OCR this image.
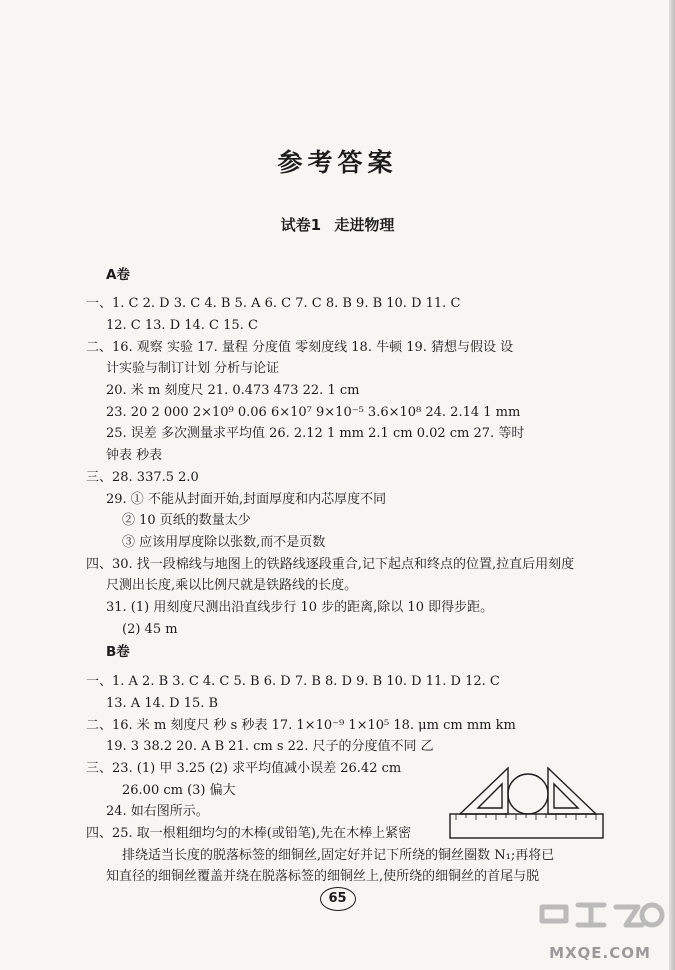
参考答案
试卷1 走进物理
A卷
一、1. C 2. D 3. C 4. B 5. A 6. C 7. C 8. B 9. B 10. D 11. C
12. C 13. D 14. C 15. C
二、16. 观察 实验 17. 量程 分度值 零刻度线 18. 牛顿 19. 猜想与假设 设
计实验与制订计划 分析与论证
20. 米 m 刻度尺 21. 0.473 473 22. 1 cm
23. 20 2 000 2×10⁹ 0.06 6×10⁷ 9×10⁻⁵ 3.6×10⁸ 24. 2.14 1 mm
25. 误差 多次测量求平均值 26. 2.12 1 mm 2.1 cm 0.02 cm 27. 等时
钟表 秒表
三、28. 337.5 2.0
29. ① 不能从封面开始,封面厚度和内芯厚度不同
② 10 页纸的数量太少
③ 应该用厚度除以张数,而不是页数
四、30. 找一段棉线与地图上的铁路线逐段重合,记下起点和终点的位置,拉直后用刻度
尺测出长度,乘以比例尺就是铁路线的长度。
31. (1) 用刻度尺测出沿直线步行 10 步的距离,除以 10 即得步距。
(2) 45 m
B卷
一、1. A 2. B 3. C 4. C 5. B 6. D 7. B 8. D 9. B 10. D 11. D 12. C
13. A 14. D 15. B
二、16. 米 m 刻度尺 秒 s 秒表 17. 1×10⁻⁹ 1×10⁵ 18. μm cm mm km
19. 3 38.2 20. A B 21. cm s 22. 尺子的分度值不同 乙
三、23. (1) 甲 3.25 (2) 求平均值减小误差 26.42 cm
26.00 cm (3) 偏大
24. 如右图所示。
四、25. 取一根粗细均匀的木棒(或铅笔),先在木棒上紧密
排绕适当长度的脱落标签的细铜丝,固定好并记下所绕的铜丝圈数 N₁;再将已
知直径的细铜丝覆盖并绕在脱落标签的细铜丝上,使所绕的细铜丝的首尾与脱
65
MXQE.COM
